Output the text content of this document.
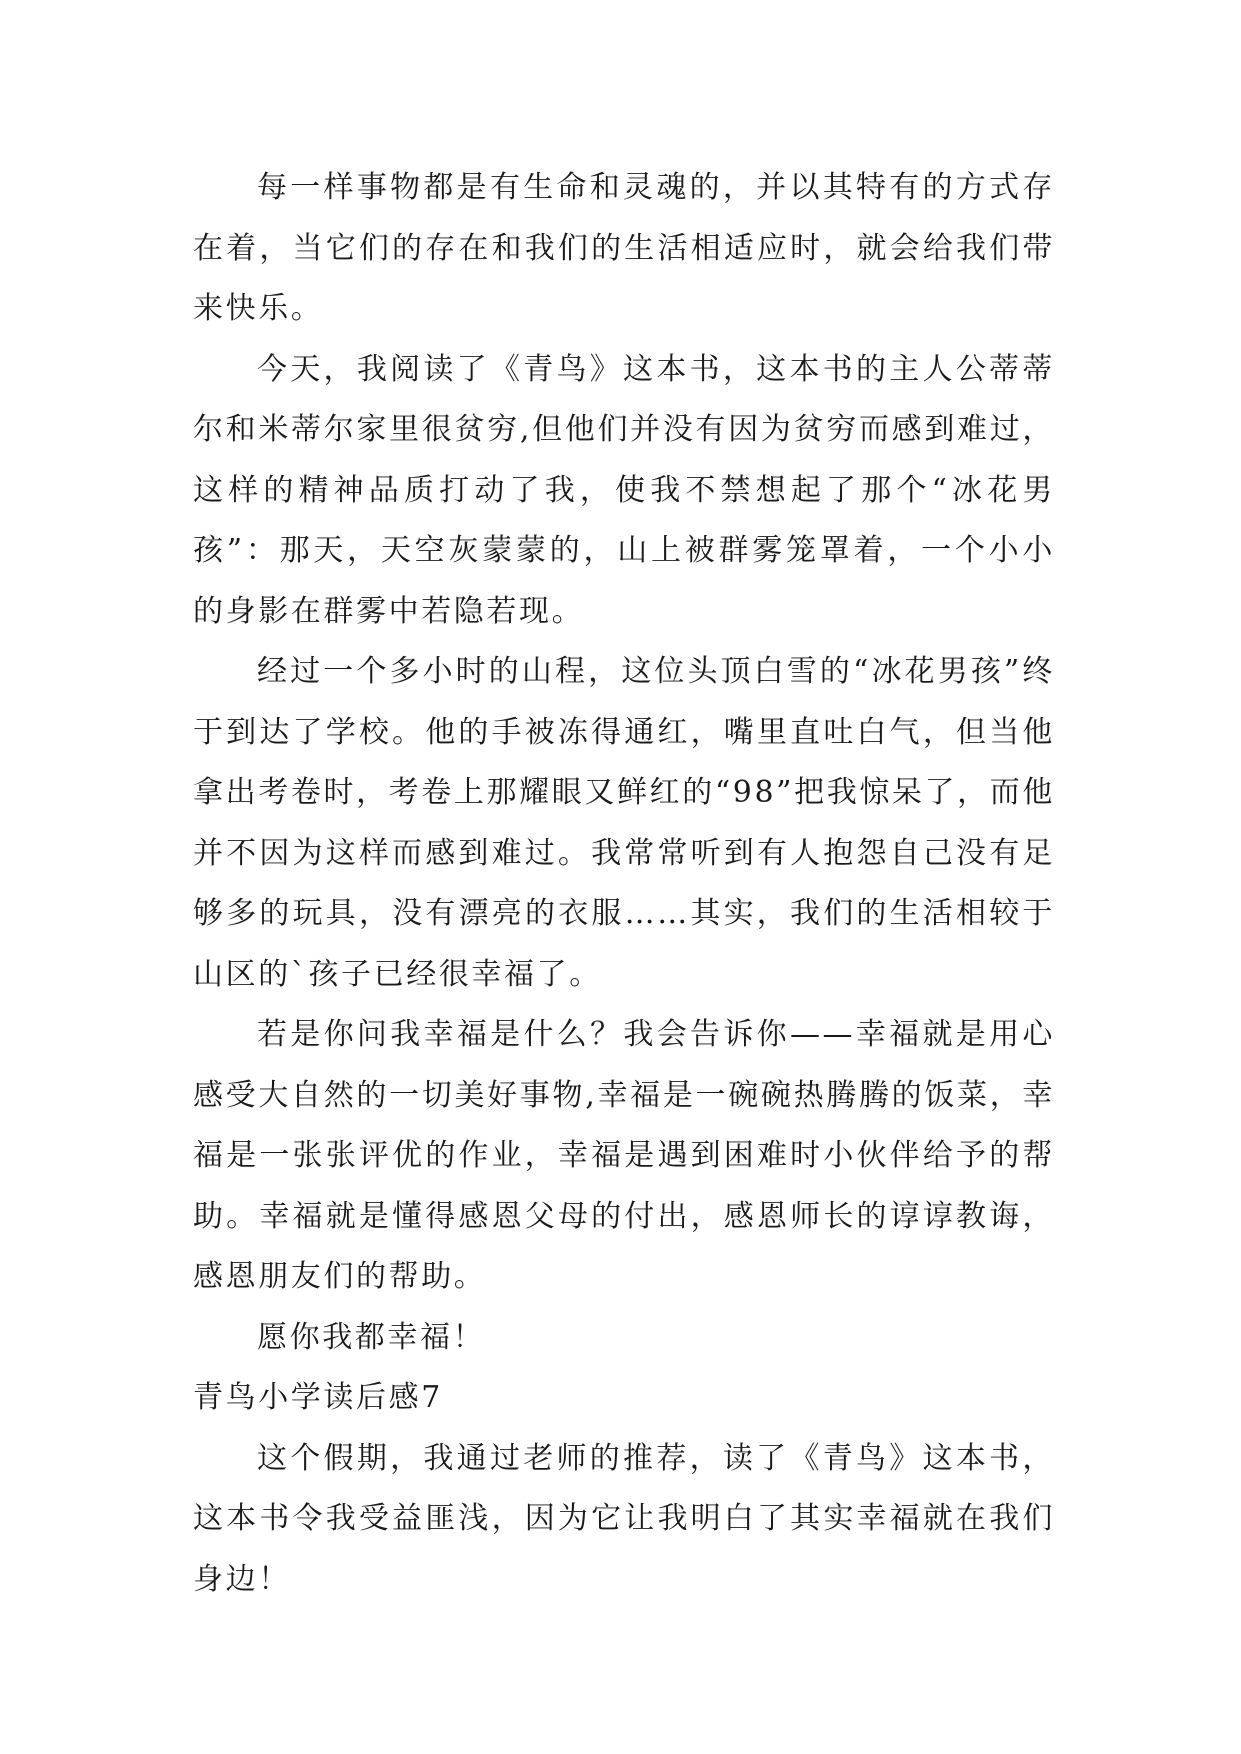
每一样事物都是有生命和灵魂的，并以其特有的方式存在着，当它们的存在和我们的生活相适应时，就会给我们带来快乐。

今天，我阅读了《青鸟》这本书，这本书的主人公蒂蒂尔和米蒂尔家里很贫穷,但他们并没有因为贫穷而感到难过，这样的精神品质打动了我，使我不禁想起了那个“冰花男孩”：那天，天空灰蒙蒙的，山上被群雾笼罩着，一个小小的身影在群雾中若隐若现。

经过一个多小时的山程，这位头顶白雪的“冰花男孩”终于到达了学校。他的手被冻得通红，嘴里直吐白气，但当他拿出考卷时，考卷上那耀眼又鲜红的“98”把我惊呆了，而他并不因为这样而感到难过。我常常听到有人抱怨自己没有足够多的玩具，没有漂亮的衣服……其实，我们的生活相较于山区的`孩子已经很幸福了。

若是你问我幸福是什么？我会告诉你——幸福就是用心感受大自然的一切美好事物,幸福是一碗碗热腾腾的饭菜，幸福是一张张评优的作业，幸福是遇到困难时小伙伴给予的帮助。幸福就是懂得感恩父母的付出，感恩师长的谆谆教诲，感恩朋友们的帮助。

愿你我都幸福！

青鸟小学读后感7

这个假期，我通过老师的推荐，读了《青鸟》这本书，这本书令我受益匪浅，因为它让我明白了其实幸福就在我们身边！
